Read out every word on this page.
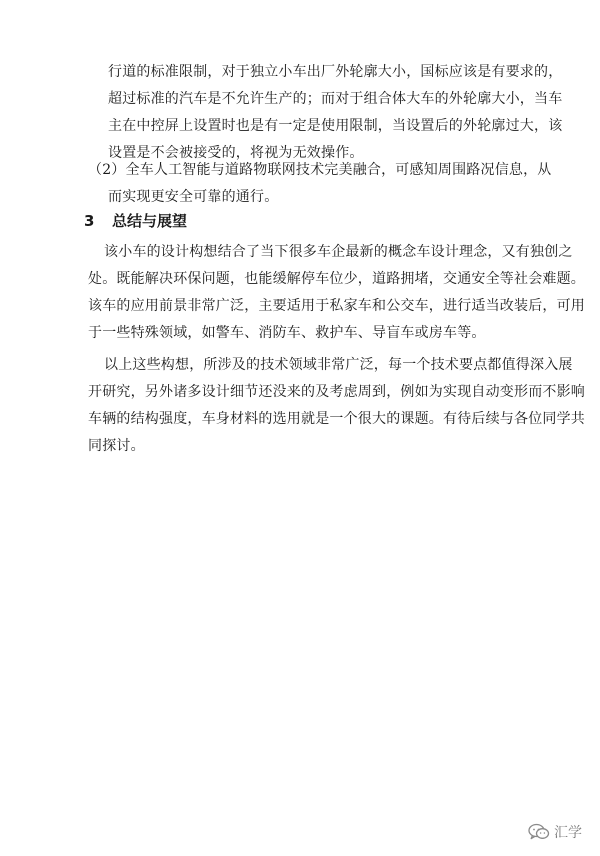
行道的标准限制，对于独立小车出厂外轮廓大小，国标应该是有要求的，
超过标准的汽车是不允许生产的；而对于组合体大车的外轮廓大小，当车
主在中控屏上设置时也是有一定是使用限制，当设置后的外轮廓过大，该
设置是不会被接受的，将视为无效操作。
（2）全车人工智能与道路物联网技术完美融合，可感知周围路况信息，从
而实现更安全可靠的通行。
3 总结与展望
该小车的设计构想结合了当下很多车企最新的概念车设计理念，又有独创之
处。既能解决环保问题，也能缓解停车位少，道路拥堵，交通安全等社会难题。
该车的应用前景非常广泛，主要适用于私家车和公交车，进行适当改装后，可用
于一些特殊领域，如警车、消防车、救护车、导盲车或房车等。
以上这些构想，所涉及的技术领域非常广泛，每一个技术要点都值得深入展
开研究，另外诸多设计细节还没来的及考虑周到，例如为实现自动变形而不影响
车辆的结构强度，车身材料的选用就是一个很大的课题。有待后续与各位同学共
同探讨。
汇学
